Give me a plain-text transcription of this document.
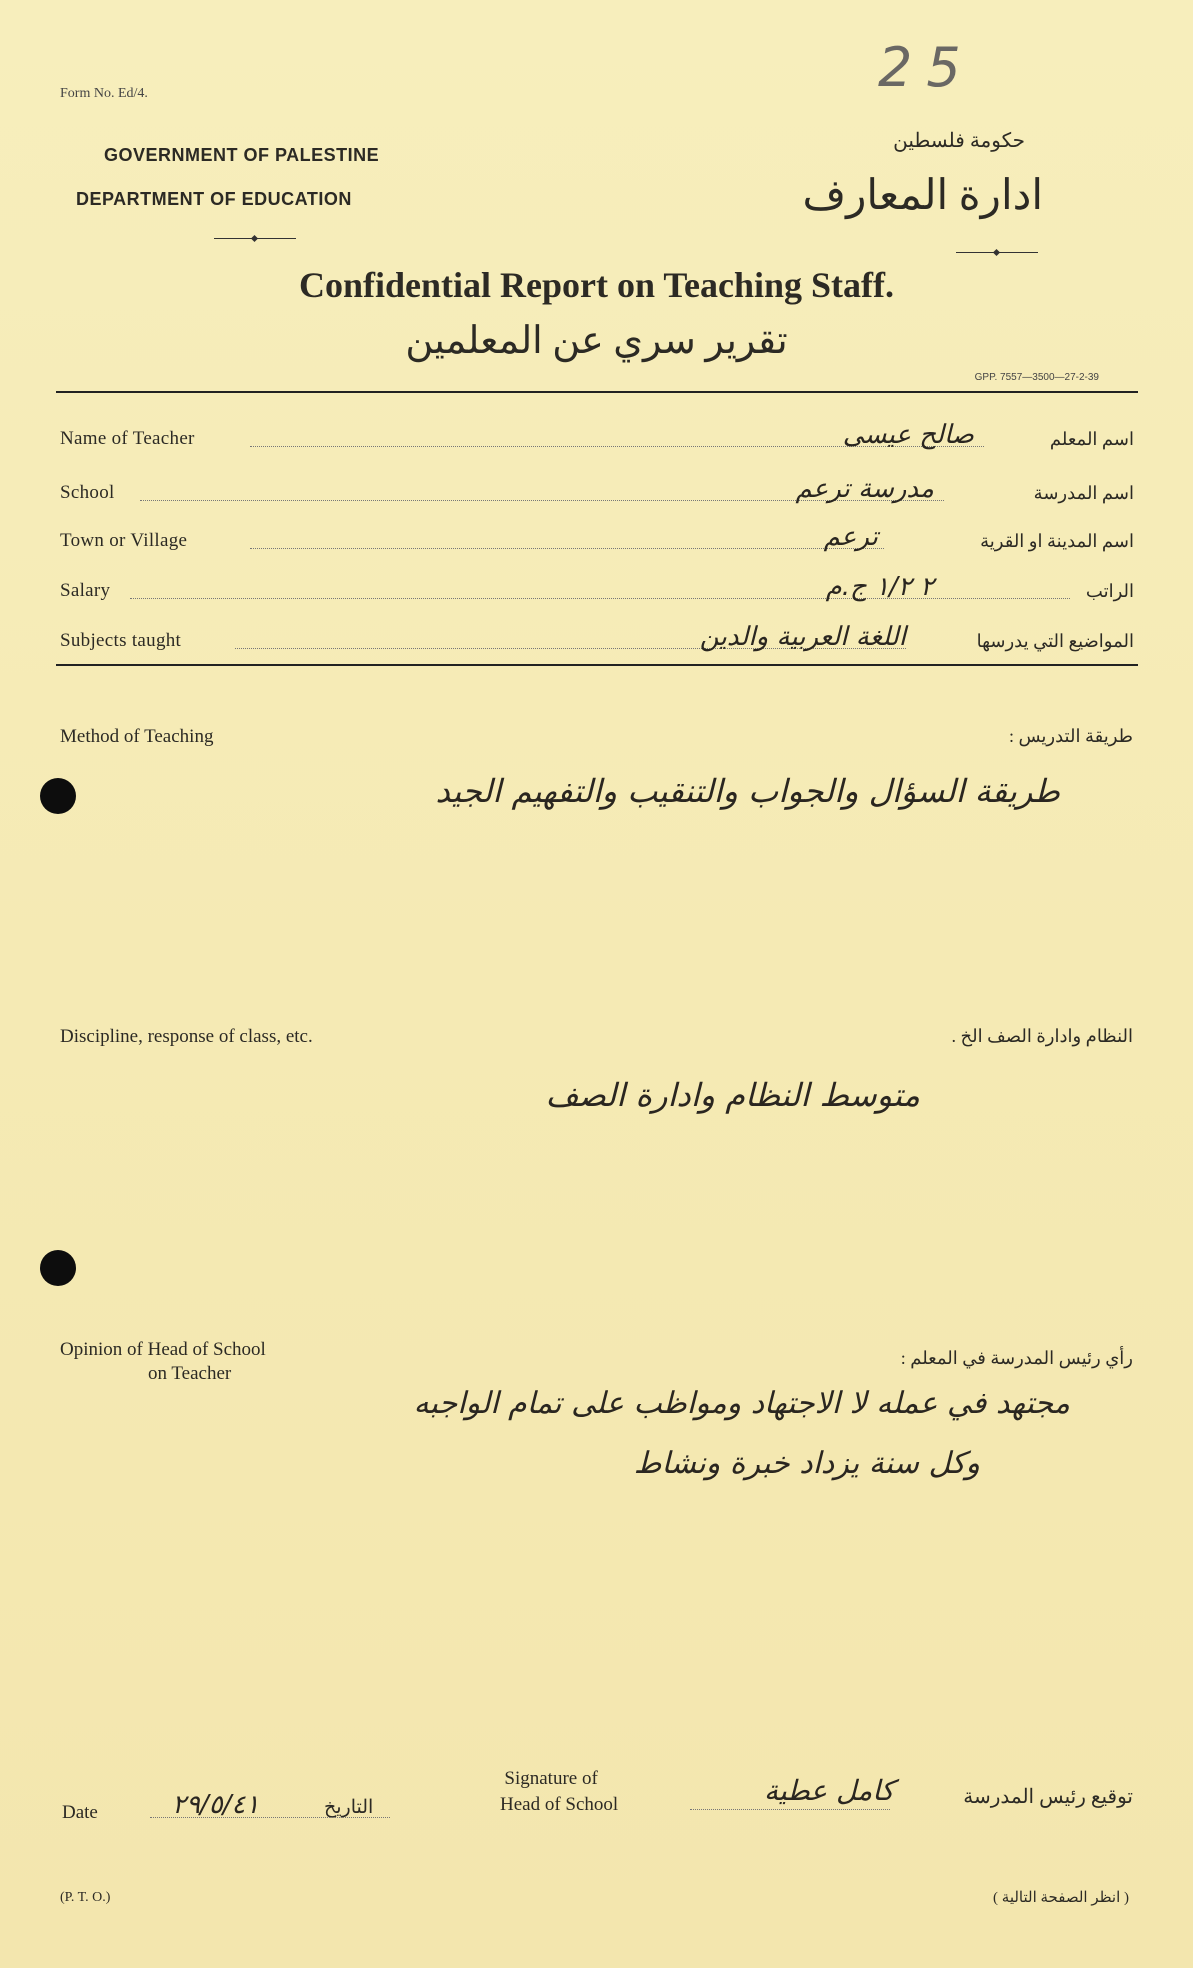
Form No. Ed/4.	25
GOVERNMENT OF PALESTINE
DEPARTMENT OF EDUCATION
حكومة فلسطين
ادارة المعارف
Confidential Report on Teaching Staff.
تقرير سري عن المعلمين
GPP. 7557—3500—27-2-39
Name of Teacher	صالح عيسى	اسم المعلم
School	مدرسة ترعم	اسم المدرسة
Town or Village	ترعم	اسم المدينة او القرية
Salary	٢ ١/٢ ج.م	الراتب
Subjects taught	اللغة العربية والدين	المواضيع التي يدرسها
Method of Teaching	طريقة التدريس :
طريقة السؤال والجواب والتنقيب والتفهيم الجيد
Discipline, response of class, etc.	النظام وادارة الصف الخ .
متوسط النظام وادارة الصف
Opinion of Head of School
on Teacher
رأي رئيس المدرسة في المعلم :
مجتهد في عمله لا الاجتهاد ومواظب على تمام الواجبه
وكل سنة يزداد خبرة ونشاط
Date	٢٩/٥/٤١	التاريخ
Signature of
Head of School	كامل عطية	توقيع رئيس المدرسة
(P. T. O.)	( انظر الصفحة التالية )
